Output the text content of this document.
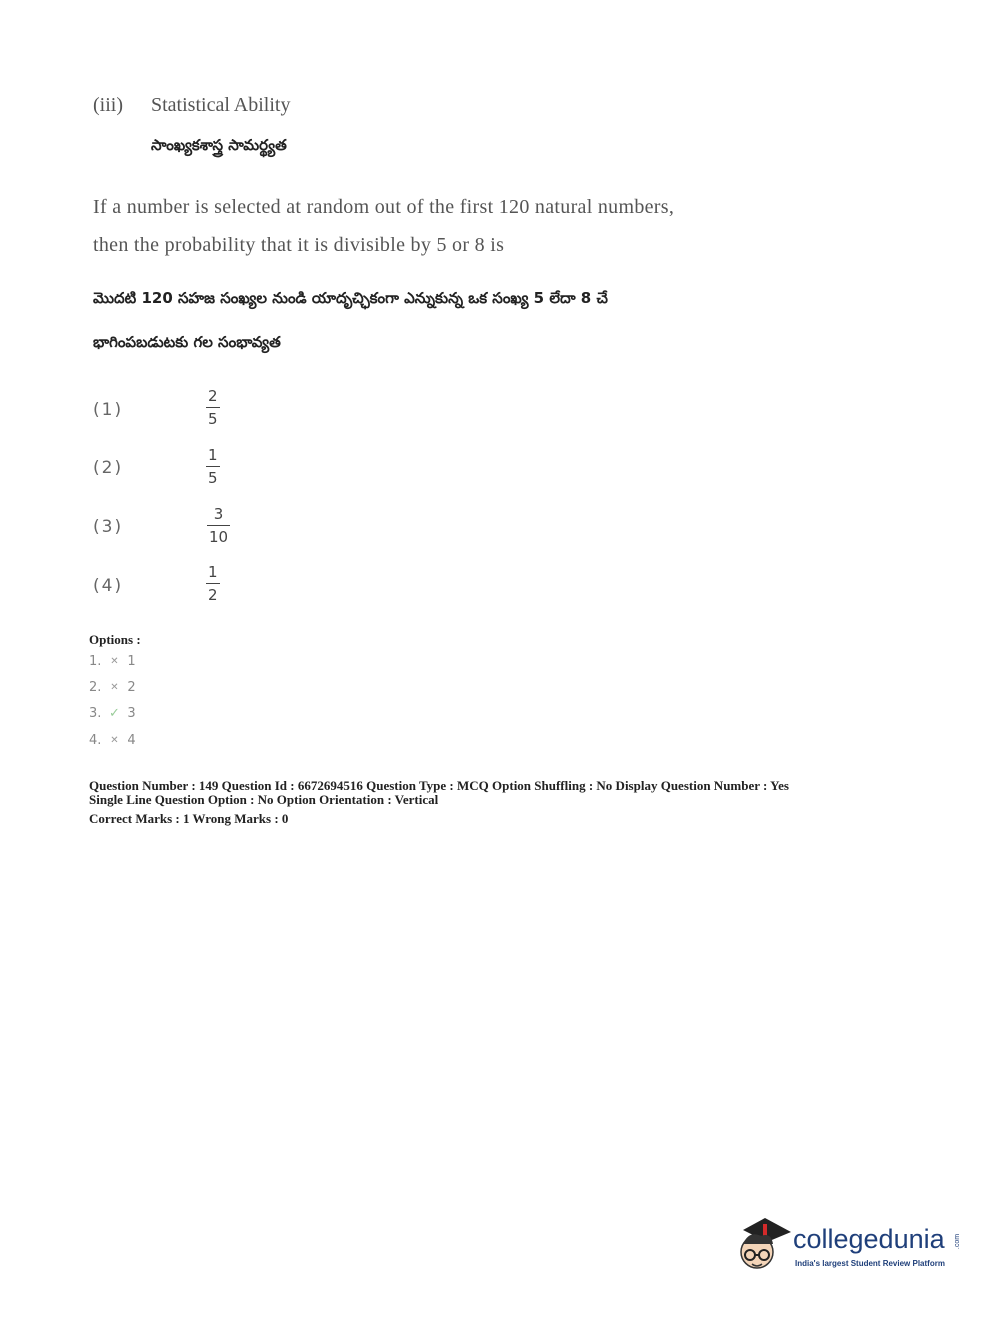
(iii) Statistical Ability
సాంఖ్యకశాస్త్ర సామర్థ్యత
If a number is selected at random out of the first 120 natural numbers,
then the probability that it is divisible by 5 or 8 is
మొదటి 120 సహజ సంఖ్యల నుండి యాదృచ్ఛికంగా ఎన్నుకున్న ఒక సంఖ్య 5 లేదా 8 చే
భాగింపబడుటకు గల సంభావ్యత
(1)
2
5
(2)
1
5
(3)
3
10
(4)
1
2
Options :
1. ✕ 1
2. ✕ 2
3. ✓ 3
4. ✕ 4
Question Number : 149 Question Id : 6672694516 Question Type : MCQ Option Shuffling : No Display Question Number : Yes
Single Line Question Option : No Option Orientation : Vertical
Correct Marks : 1 Wrong Marks : 0
collegedunia .com
India's largest Student Review Platform
